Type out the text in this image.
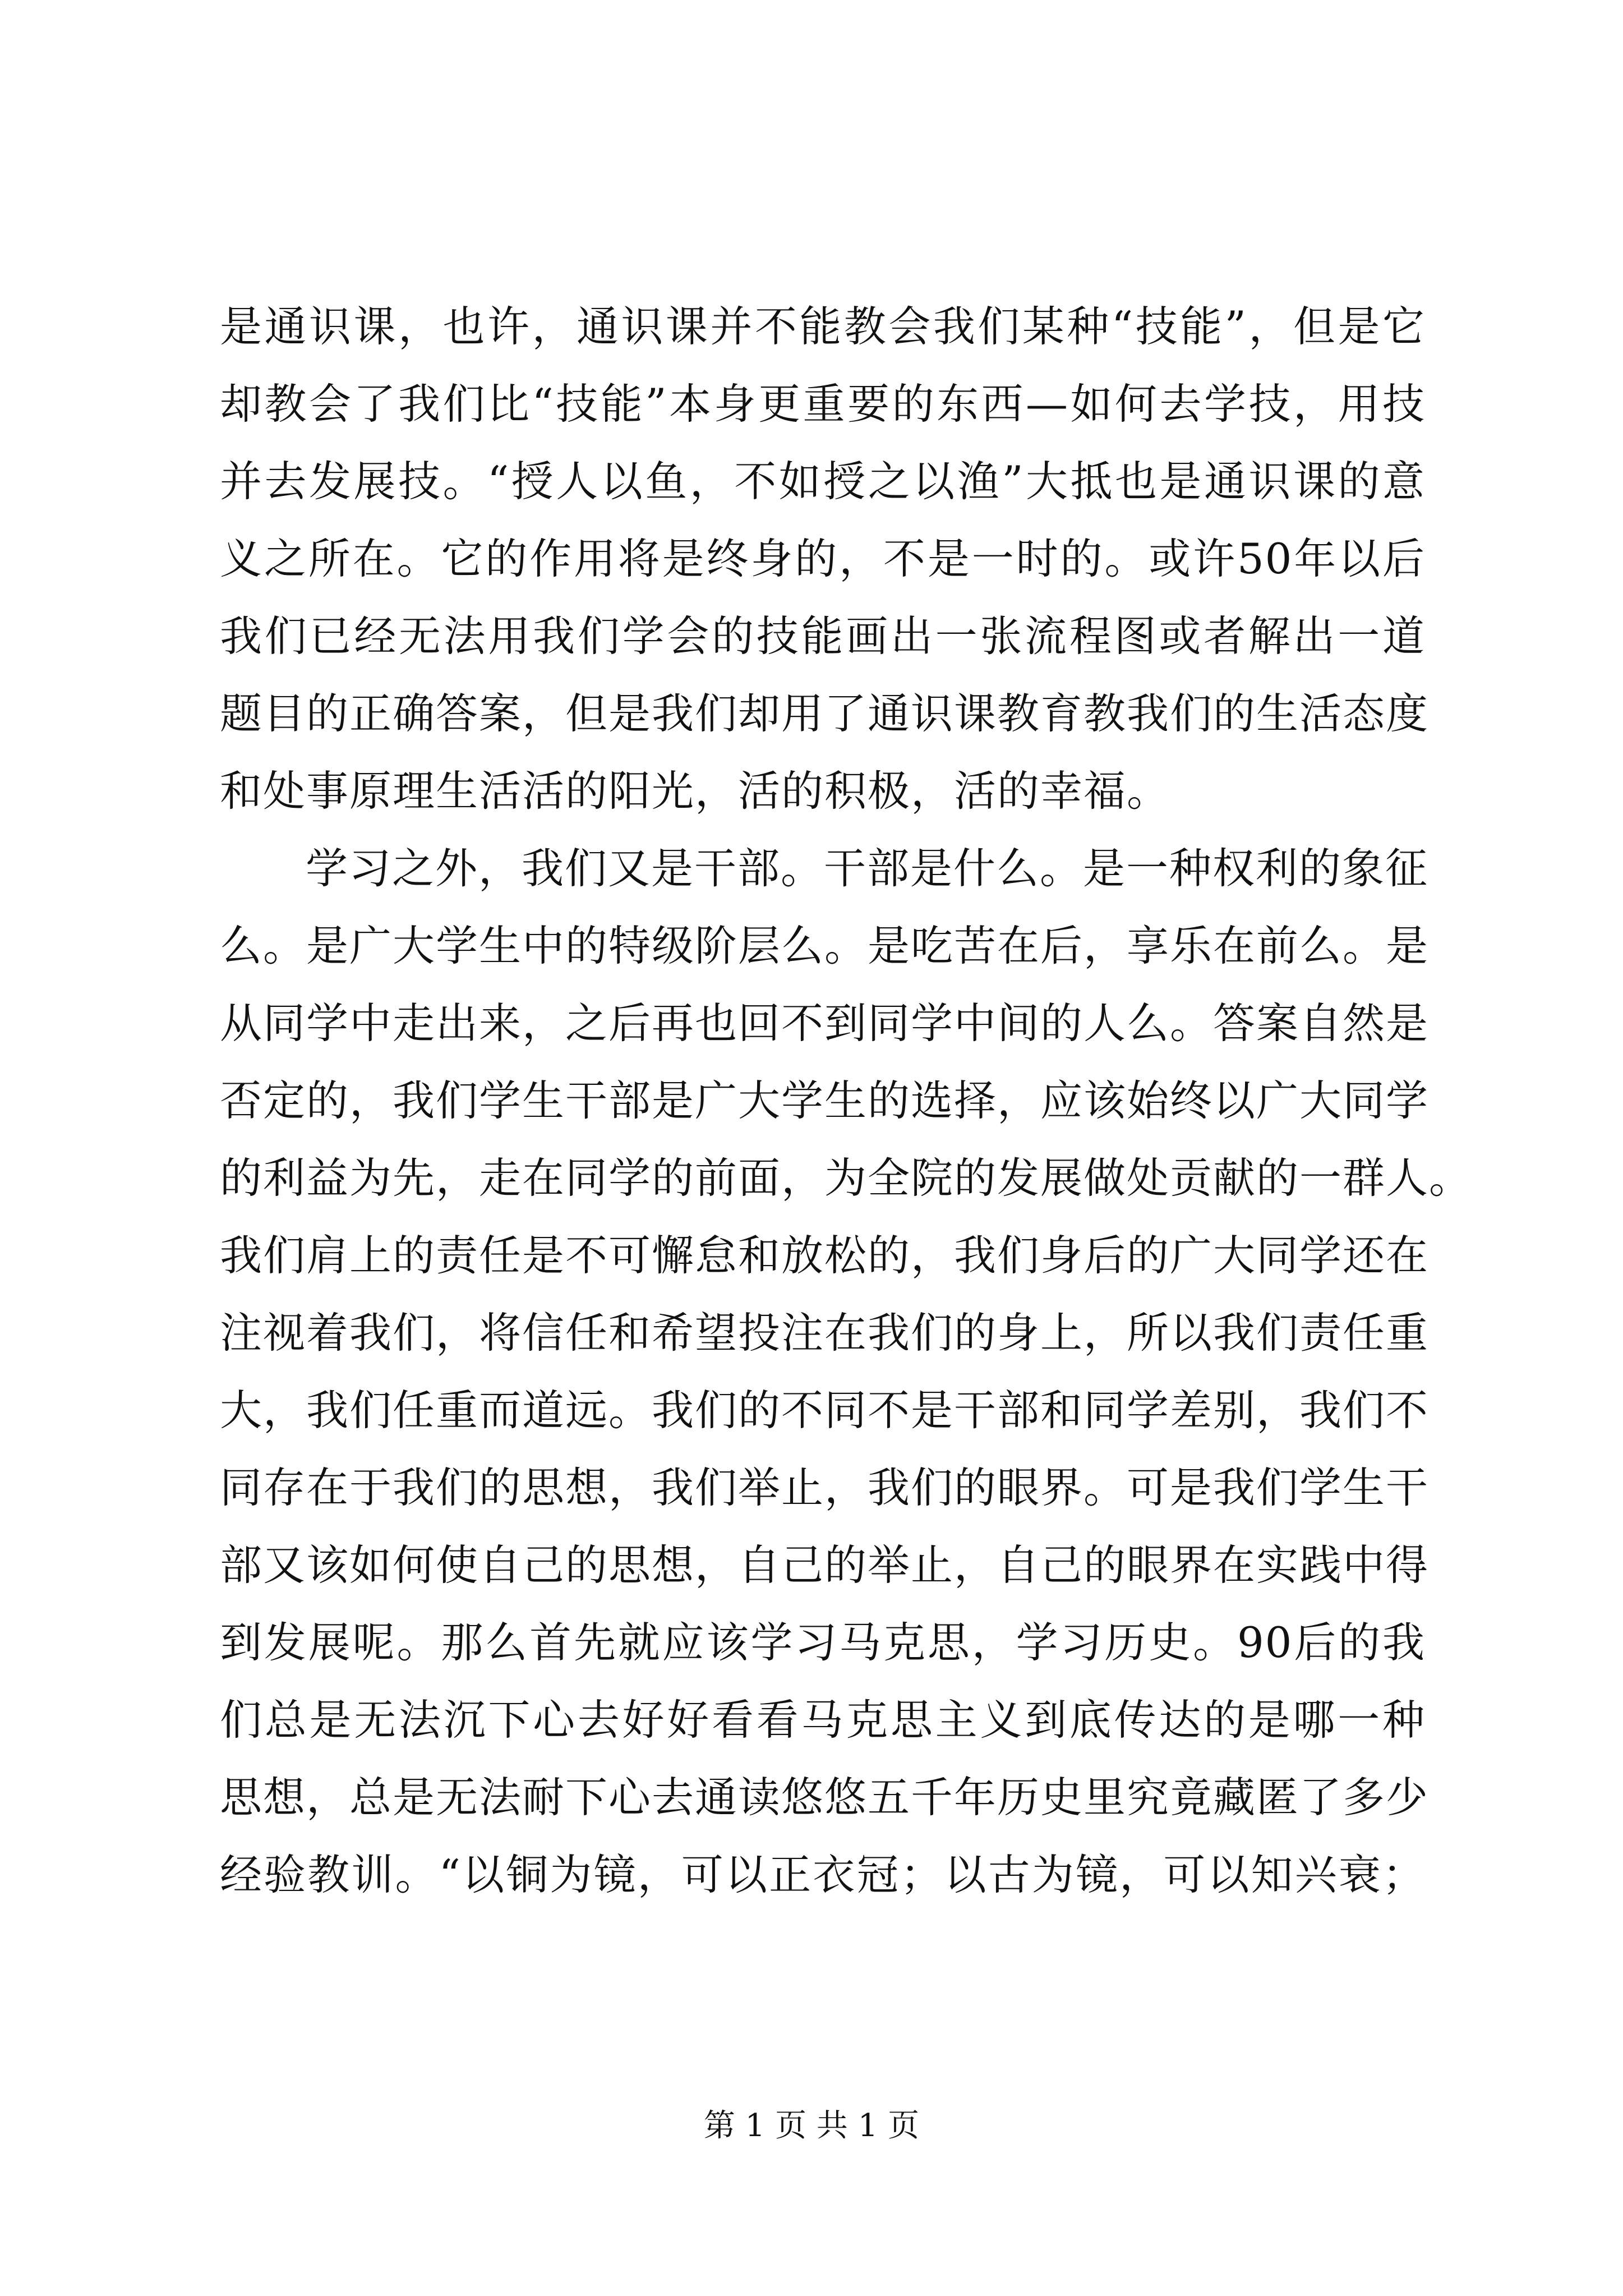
是通识课，也许，通识课并不能教会我们某种“技能”，但是它
却教会了我们比“技能”本身更重要的东西—如何去学技，用技
并去发展技。“授人以鱼，不如授之以渔”大抵也是通识课的意
义之所在。它的作用将是终身的，不是一时的。或许50年以后
我们已经无法用我们学会的技能画出一张流程图或者解出一道
题目的正确答案，但是我们却用了通识课教育教我们的生活态度
和处事原理生活活的阳光，活的积极，活的幸福。
学习之外，我们又是干部。干部是什么。是一种权利的象征
么。是广大学生中的特级阶层么。是吃苦在后，享乐在前么。是
从同学中走出来，之后再也回不到同学中间的人么。答案自然是
否定的，我们学生干部是广大学生的选择，应该始终以广大同学
的利益为先，走在同学的前面，为全院的发展做处贡献的一群人。
我们肩上的责任是不可懈怠和放松的，我们身后的广大同学还在
注视着我们，将信任和希望投注在我们的身上，所以我们责任重
大，我们任重而道远。我们的不同不是干部和同学差别，我们不
同存在于我们的思想，我们举止，我们的眼界。可是我们学生干
部又该如何使自己的思想，自己的举止，自己的眼界在实践中得
到发展呢。那么首先就应该学习马克思，学习历史。90后的我
们总是无法沉下心去好好看看马克思主义到底传达的是哪一种
思想，总是无法耐下心去通读悠悠五千年历史里究竟藏匿了多少
经验教训。“以铜为镜，可以正衣冠；以古为镜，可以知兴衰；
第 1 页 共 1 页
